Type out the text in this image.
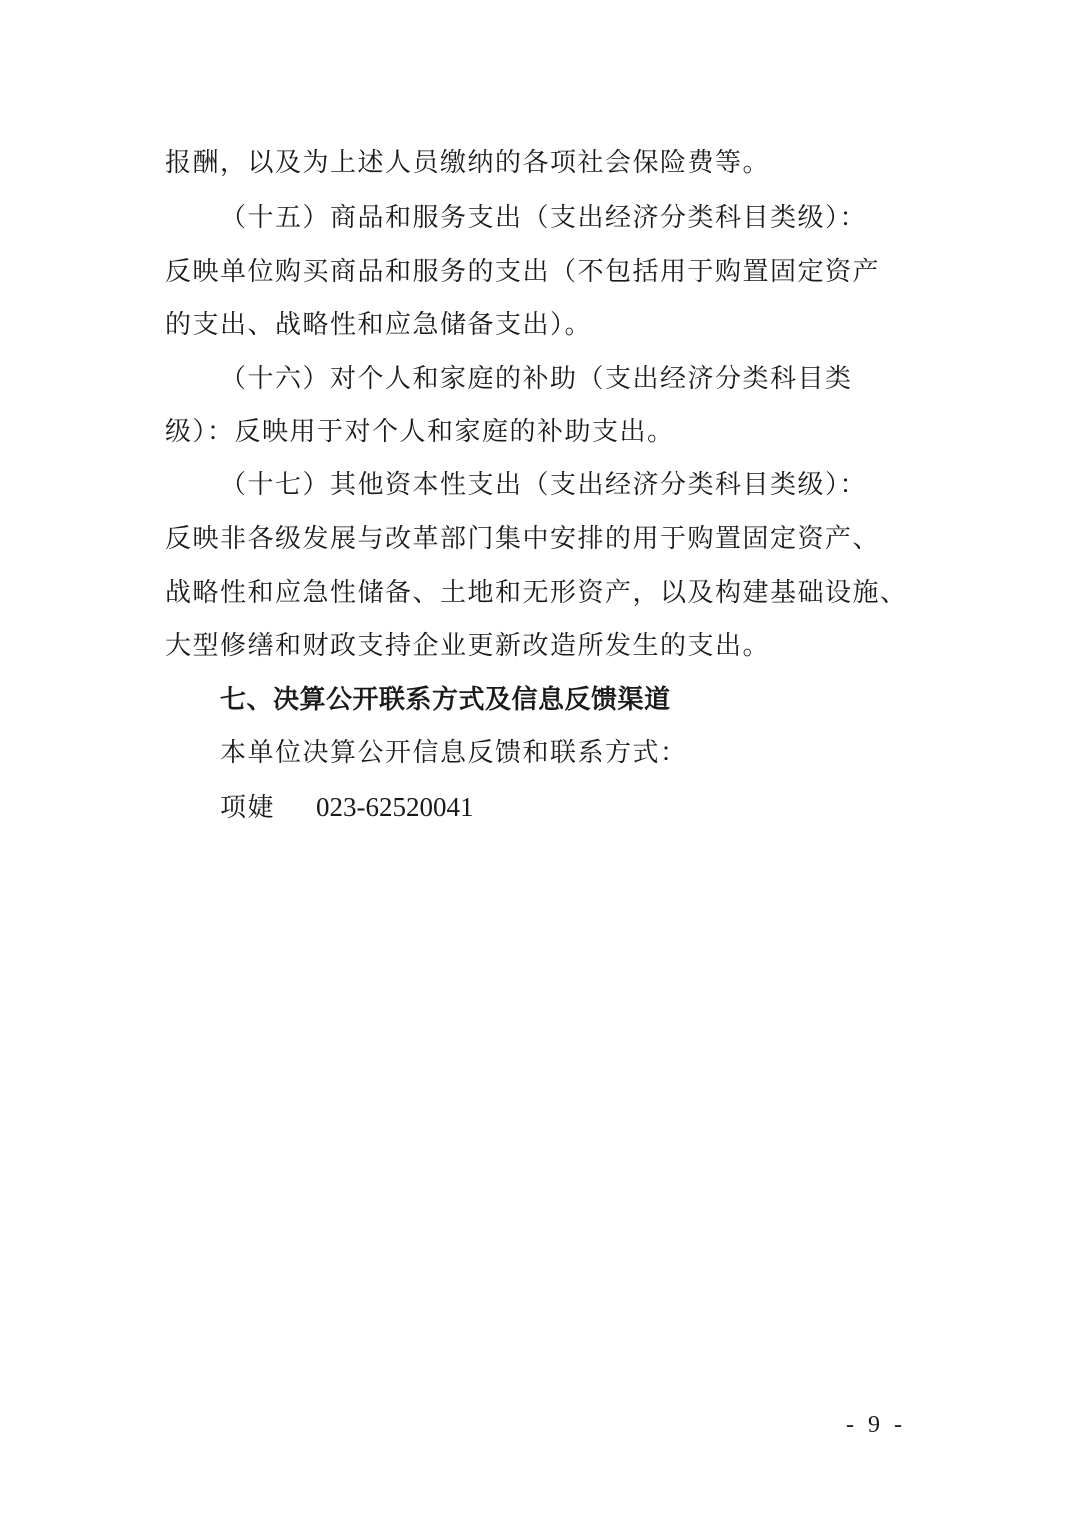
报酬，以及为上述人员缴纳的各项社会保险费等。
（十五）商品和服务支出（支出经济分类科目类级）：
反映单位购买商品和服务的支出（不包括用于购置固定资产
的支出、战略性和应急储备支出）。
（十六）对个人和家庭的补助（支出经济分类科目类
级）：反映用于对个人和家庭的补助支出。
（十七）其他资本性支出（支出经济分类科目类级）：
反映非各级发展与改革部门集中安排的用于购置固定资产、
战略性和应急性储备、土地和无形资产，以及构建基础设施、
大型修缮和财政支持企业更新改造所发生的支出。
七、决算公开联系方式及信息反馈渠道
本单位决算公开信息反馈和联系方式：
项婕 023-62520041
- 9 -
